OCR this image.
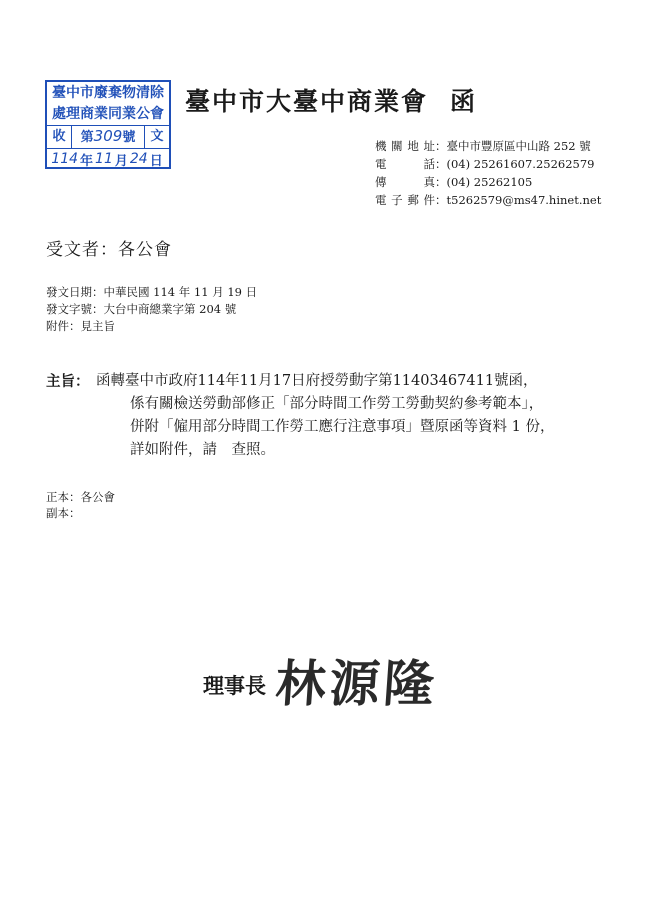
臺中市廢棄物清除
處理商業同業公會
收	第309號	文
114 年 11 月 24 日
臺中市大臺中商業會 函
機關地址：臺中市豐原區中山路 252 號
電　　話：(04) 25261607.25262579
傳　　真：(04) 25262105
電子郵件：t5262579@ms47.hinet.net
受文者：各公會
發文日期：中華民國 114 年 11 月 19 日
發文字號：大台中商總業字第 204 號
附件：見主旨
主旨： 函轉臺中市政府114年11月17日府授勞動字第11403467411號函，
係有關檢送勞動部修正「部分時間工作勞工勞動契約參考範本」，
併附「僱用部分時間工作勞工應行注意事項」暨原函等資料 1 份，
詳如附件，請　查照。
正本：各公會
副本：
理事長 林源隆
